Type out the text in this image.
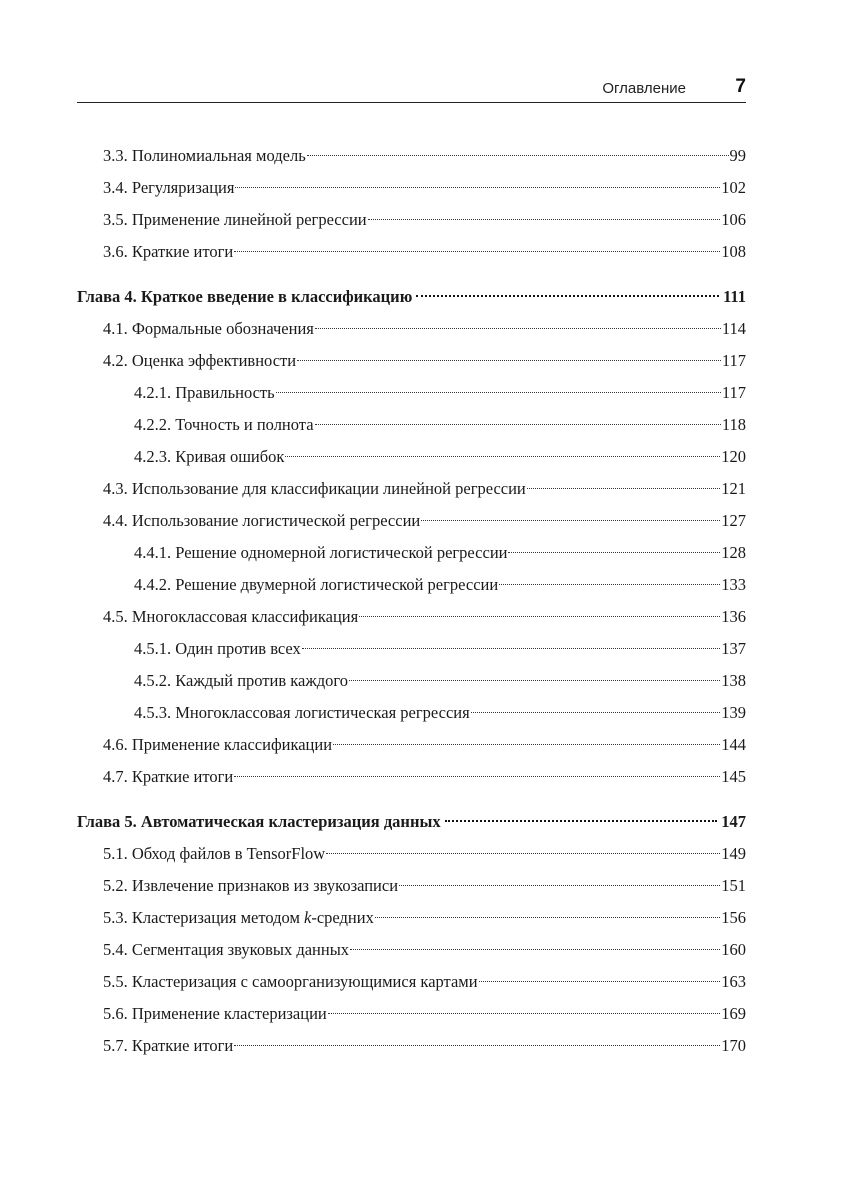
Оглавление	7
3.3. Полиномиальная модель	99
3.4. Регуляризация	102
3.5. Применение линейной регрессии	106
3.6. Краткие итоги	108
Глава 4. Краткое введение в классификацию	111
4.1. Формальные обозначения	114
4.2. Оценка эффективности	117
4.2.1. Правильность	117
4.2.2. Точность и полнота	118
4.2.3. Кривая ошибок	120
4.3. Использование для классификации линейной регрессии	121
4.4. Использование логистической регрессии	127
4.4.1. Решение одномерной логистической регрессии	128
4.4.2. Решение двумерной логистической регрессии	133
4.5. Многоклассовая классификация	136
4.5.1. Один против всех	137
4.5.2. Каждый против каждого	138
4.5.3. Многоклассовая логистическая регрессия	139
4.6. Применение классификации	144
4.7. Краткие итоги	145
Глава 5. Автоматическая кластеризация данных	147
5.1. Обход файлов в TensorFlow	149
5.2. Извлечение признаков из звукозаписи	151
5.3. Кластеризация методом k-средних	156
5.4. Сегментация звуковых данных	160
5.5. Кластеризация с самоорганизующимися картами	163
5.6. Применение кластеризации	169
5.7. Краткие итоги	170
